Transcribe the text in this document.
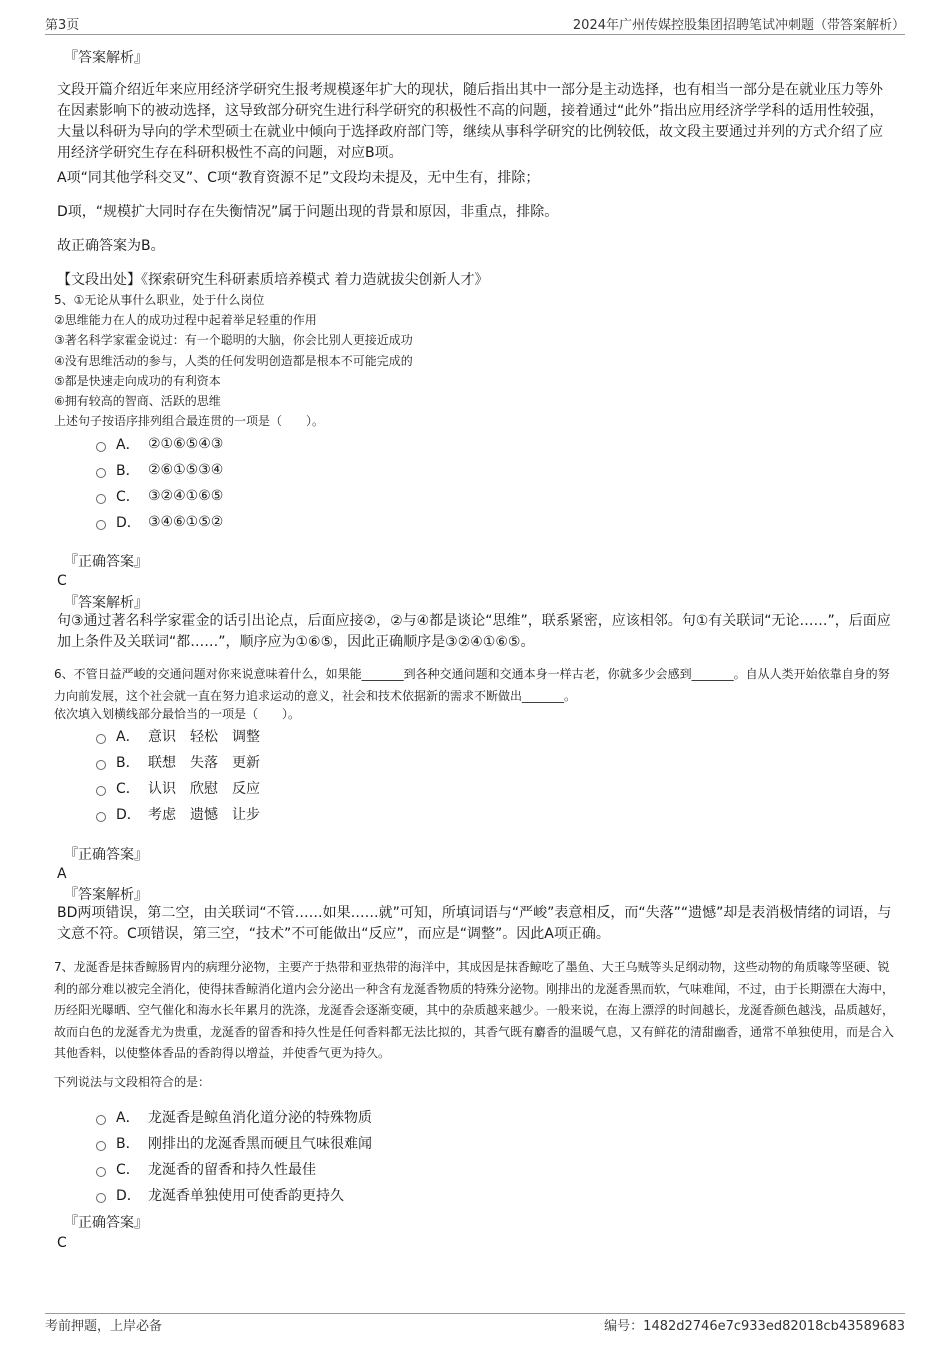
第3页	2024年广州传媒控股集团招聘笔试冲刺题（带答案解析）
『答案解析』
文段开篇介绍近年来应用经济学研究生报考规模逐年扩大的现状，随后指出其中一部分是主动选择，也有相当一部分是在就业压力等外在因素影响下的被动选择，这导致部分研究生进行科学研究的积极性不高的问题，接着通过“此外”指出应用经济学学科的适用性较强，大量以科研为导向的学术型硕士在就业中倾向于选择政府部门等，继续从事科学研究的比例较低，故文段主要通过并列的方式介绍了应用经济学研究生存在科研积极性不高的问题，对应B项。
A项“同其他学科交叉”、C项“教育资源不足”文段均未提及，无中生有，排除；
D项，“规模扩大同时存在失衡情况”属于问题出现的背景和原因，非重点，排除。
故正确答案为B。
【文段出处】《探索研究生科研素质培养模式 着力造就拔尖创新人才》
5、①无论从事什么职业，处于什么岗位
②思维能力在人的成功过程中起着举足轻重的作用
③著名科学家霍金说过：有一个聪明的大脑，你会比别人更接近成功
④没有思维活动的参与，人类的任何发明创造都是根本不可能完成的
⑤都是快速走向成功的有利资本
⑥拥有较高的智商、活跃的思维
上述句子按语序排列组合最连贯的一项是（　　）。
A． ②①⑥⑤④③
B． ②⑥①⑤③④
C． ③②④①⑥⑤
D． ③④⑥①⑤②
『正确答案』
C
『答案解析』
句③通过著名科学家霍金的话引出论点，后面应接②，②与④都是谈论“思维”，联系紧密，应该相邻。句①有关联词“无论……”，后面应加上条件及关联词“都……”，顺序应为①⑥⑤，因此正确顺序是③②④①⑥⑤。
6、不管日益严峻的交通问题对你来说意味着什么，如果能_______到各种交通问题和交通本身一样古老，你就多少会感到_______。自从人类开始依靠自身的努力向前发展，这个社会就一直在努力追求运动的意义，社会和技术依据新的需求不断做出_______。
依次填入划横线部分最恰当的一项是（　　）。
A． 意识 轻松 调整
B． 联想 失落 更新
C． 认识 欣慰 反应
D． 考虑 遗憾 让步
『正确答案』
A
『答案解析』
BD两项错误，第二空，由关联词“不管……如果……就”可知，所填词语与“严峻”表意相反，而“失落”“遗憾”却是表消极情绪的词语，与文意不符。C项错误，第三空，“技术”不可能做出“反应”，而应是“调整”。因此A项正确。
7、龙涎香是抹香鲸肠胃内的病理分泌物，主要产于热带和亚热带的海洋中，其成因是抹香鲸吃了墨鱼、大王乌贼等头足纲动物，这些动物的角质喙等坚硬、锐利的部分难以被完全消化，使得抹香鲸消化道内会分泌出一种含有龙涎香物质的特殊分泌物。刚排出的龙涎香黑而软，气味难闻，不过，由于长期漂在大海中，历经阳光曝晒、空气催化和海水长年累月的洗涤，龙涎香会逐渐变硬，其中的杂质越来越少。一般来说，在海上漂浮的时间越长，龙涎香颜色越浅，品质越好，故而白色的龙涎香尤为贵重，龙涎香的留香和持久性是任何香料都无法比拟的，其香气既有麝香的温暖气息，又有鲜花的清甜幽香，通常不单独使用，而是合入其他香料，以使整体香品的香韵得以增益，并使香气更为持久。
下列说法与文段相符合的是：
A． 龙涎香是鲸鱼消化道分泌的特殊物质
B． 刚排出的龙涎香黑而硬且气味很难闻
C． 龙涎香的留香和持久性最佳
D． 龙涎香单独使用可使香韵更持久
『正确答案』
C
考前押题，上岸必备	编号：1482d2746e7c933ed82018cb43589683
